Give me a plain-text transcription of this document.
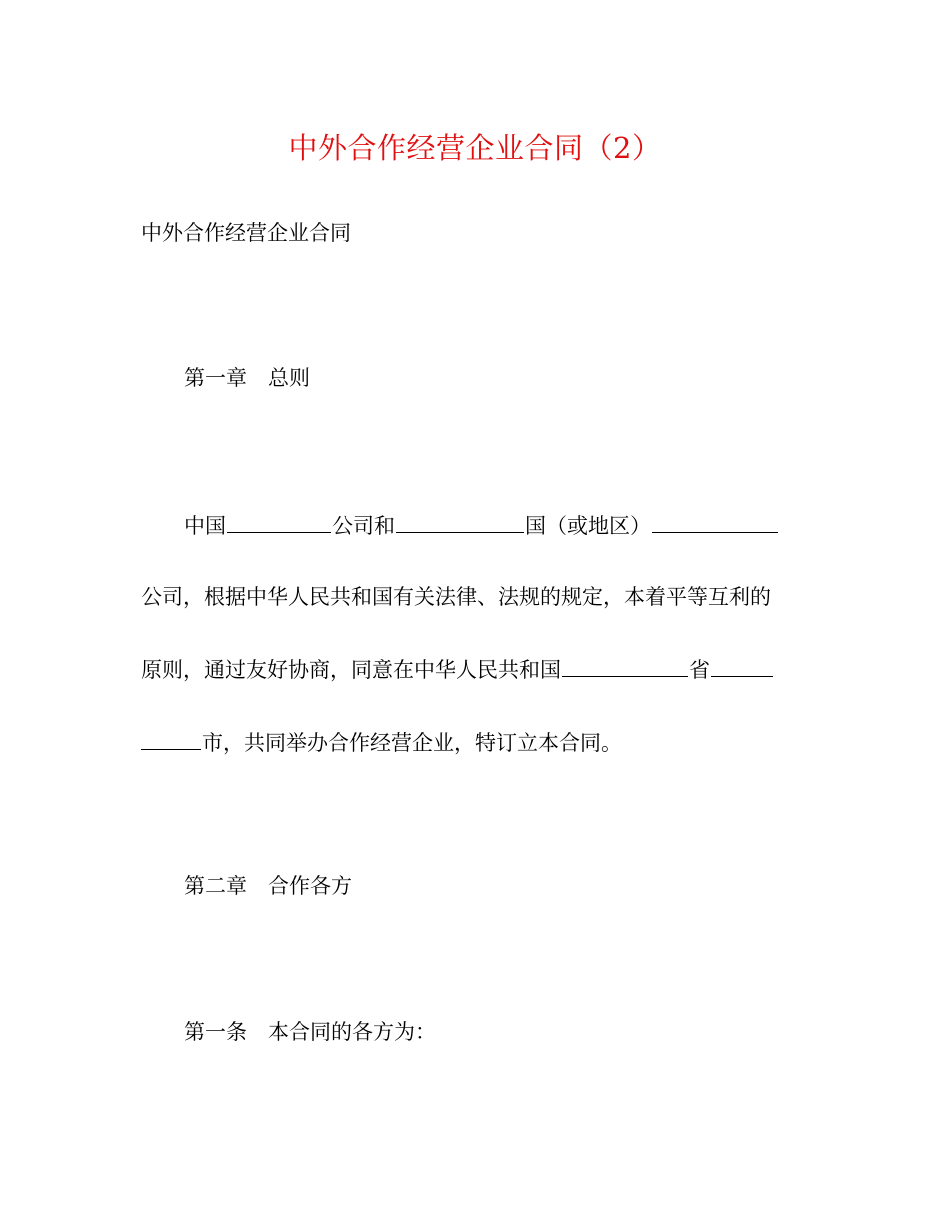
中外合作经营企业合同（2）
中外合作经营企业合同
第一章　总则
中国	公司和	国（或地区）
公司，根据中华人民共和国有关法律、法规的规定，本着平等互利的
原则，通过友好协商，同意在中华人民共和国	省
市，共同举办合作经营企业，特订立本合同。
第二章　合作各方
第一条　本合同的各方为：
